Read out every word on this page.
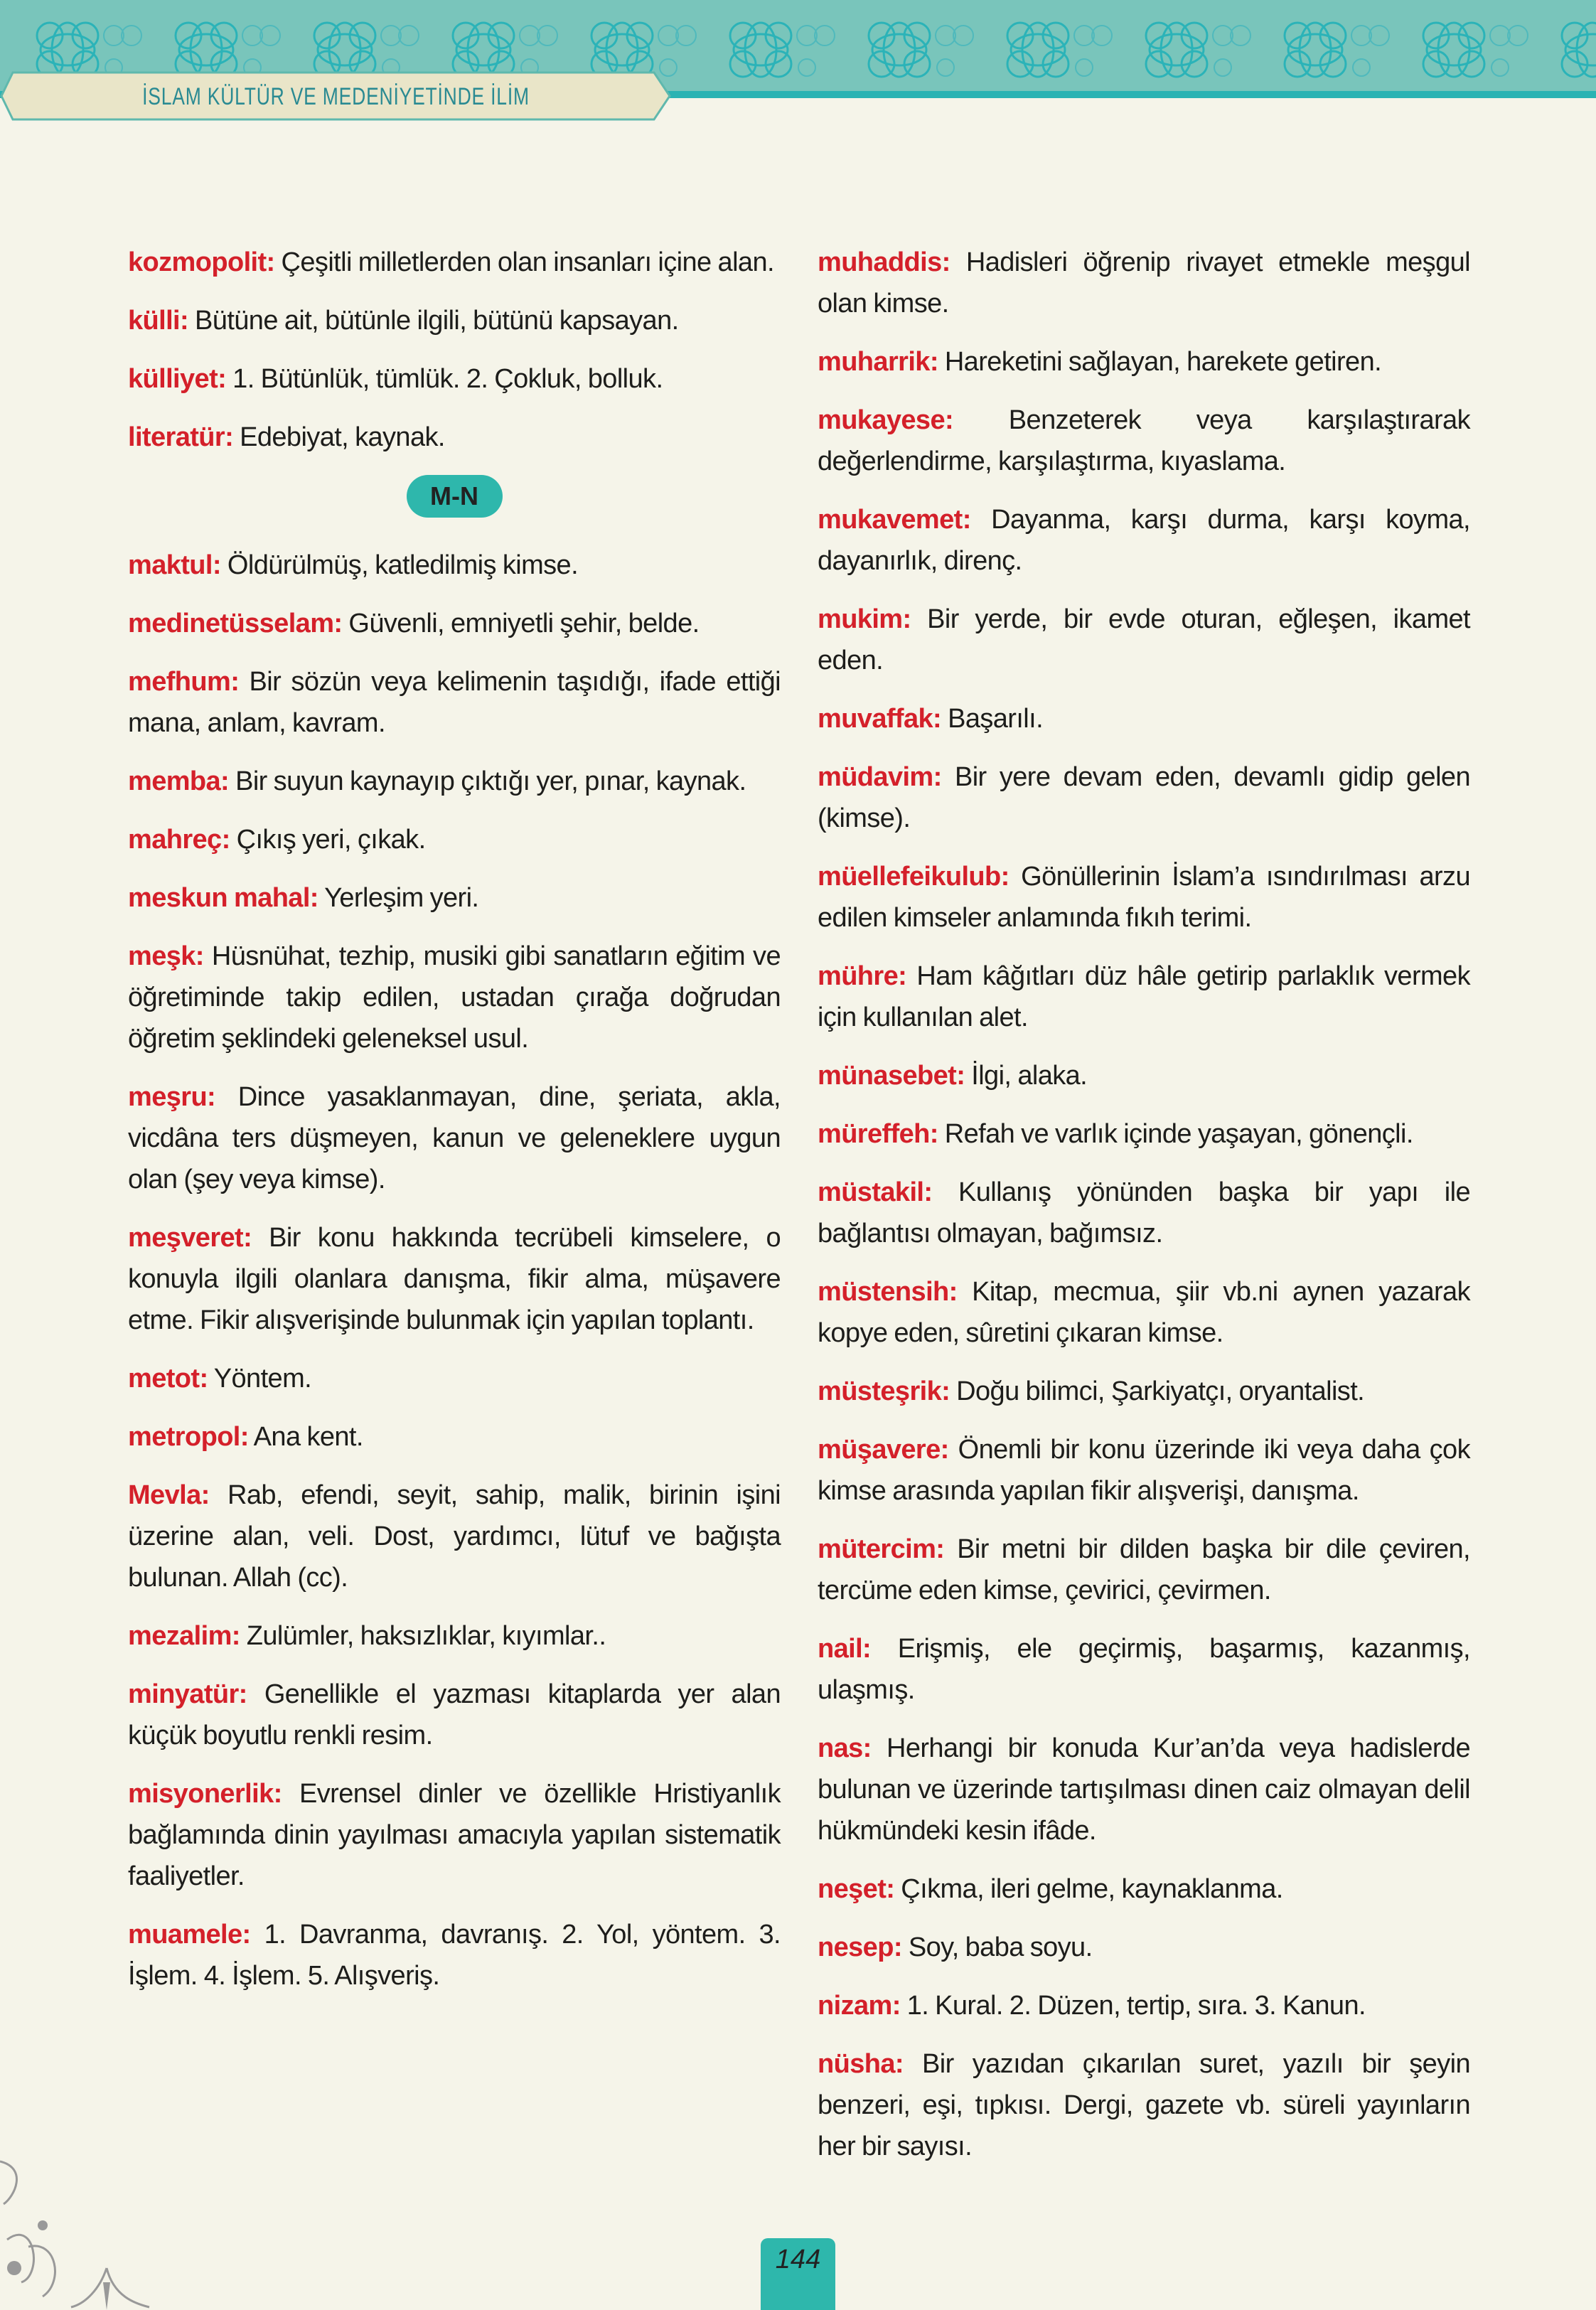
İSLAM KÜLTÜR VE MEDENİYETİNDE İLİM
kozmopolit: Çeşitli milletlerden olan insanları içine alan.
külli: Bütüne ait, bütünle ilgili, bütünü kapsayan.
külliyet: 1. Bütünlük, tümlük. 2. Çokluk, bolluk.
literatür: Edebiyat, kaynak.
M-N
maktul: Öldürülmüş, katledilmiş kimse.
medinetüsselam: Güvenli, emniyetli şehir, belde.
mefhum: Bir sözün veya kelimenin taşıdığı, ifade ettiği mana, anlam, kavram.
memba: Bir suyun kaynayıp çıktığı yer, pınar, kaynak.
mahreç: Çıkış yeri, çıkak.
meskun mahal: Yerleşim yeri.
meşk: Hüsnühat, tezhip, musiki gibi sanatların eğitim ve öğretiminde takip edilen, ustadan çırağa doğrudan öğretim şeklindeki geleneksel usul.
meşru: Dince yasaklanmayan, dine, şeriata, akla, vicdâna ters düşmeyen, kanun ve geleneklere uygun olan (şey veya kimse).
meşveret: Bir konu hakkında tecrübeli kimselere, o konuyla ilgili olanlara danışma, fikir alma, müşavere etme. Fikir alışverişinde bulunmak için yapılan toplantı.
metot: Yöntem.
metropol: Ana kent.
Mevla: Rab, efendi, seyit, sahip, malik, birinin işini üzerine alan, veli. Dost, yardımcı, lütuf ve bağışta bulunan. Allah (cc).
mezalim: Zulümler, haksızlıklar, kıyımlar..
minyatür: Genellikle el yazması kitaplarda yer alan küçük boyutlu renkli resim.
misyonerlik: Evrensel dinler ve özellikle Hristiyanlık bağlamında dinin yayılması amacıyla yapılan sistematik faaliyetler.
muamele: 1. Davranma, davranış. 2. Yol, yöntem. 3. İşlem. 4. İşlem. 5. Alışveriş.
muhaddis: Hadisleri öğrenip rivayet etmekle meşgul olan kimse.
muharrik: Hareketini sağlayan, harekete getiren.
mukayese: Benzeterek veya karşılaştırarak değerlendirme, karşılaştırma, kıyaslama.
mukavemet: Dayanma, karşı durma, karşı koyma, dayanırlık, direnç.
mukim: Bir yerde, bir evde oturan, eğleşen, ikamet eden.
muvaffak: Başarılı.
müdavim: Bir yere devam eden, devamlı gidip gelen (kimse).
müellefeikulub: Gönüllerinin İslam’a ısındırılması arzu edilen kimseler anlamında fıkıh terimi.
mühre: Ham kâğıtları düz hâle getirip parlaklık vermek için kullanılan alet.
münasebet: İlgi, alaka.
müreffeh: Refah ve varlık içinde yaşayan, gönençli.
müstakil: Kullanış yönünden başka bir yapı ile bağlantısı olmayan, bağımsız.
müstensih: Kitap, mecmua, şiir vb.ni aynen yazarak kopye eden, sûretini çıkaran kimse.
müsteşrik: Doğu bilimci, Şarkiyatçı, oryantalist.
müşavere: Önemli bir konu üzerinde iki veya daha çok kimse arasında yapılan fikir alışverişi, danışma.
mütercim: Bir metni bir dilden başka bir dile çeviren, tercüme eden kimse, çevirici, çevirmen.
nail: Erişmiş, ele geçirmiş, başarmış, kazanmış, ulaşmış.
nas: Herhangi bir konuda Kur’an’da veya hadislerde bulunan ve üzerinde tartışılması dinen caiz olmayan delil hükmündeki kesin ifâde.
neşet: Çıkma, ileri gelme, kaynaklanma.
nesep: Soy, baba soyu.
nizam: 1. Kural. 2. Düzen, tertip, sıra. 3. Kanun.
nüsha: Bir yazıdan çıkarılan suret, yazılı bir şeyin benzeri, eşi, tıpkısı. Dergi, gazete vb. süreli yayınların her bir sayısı.
144
